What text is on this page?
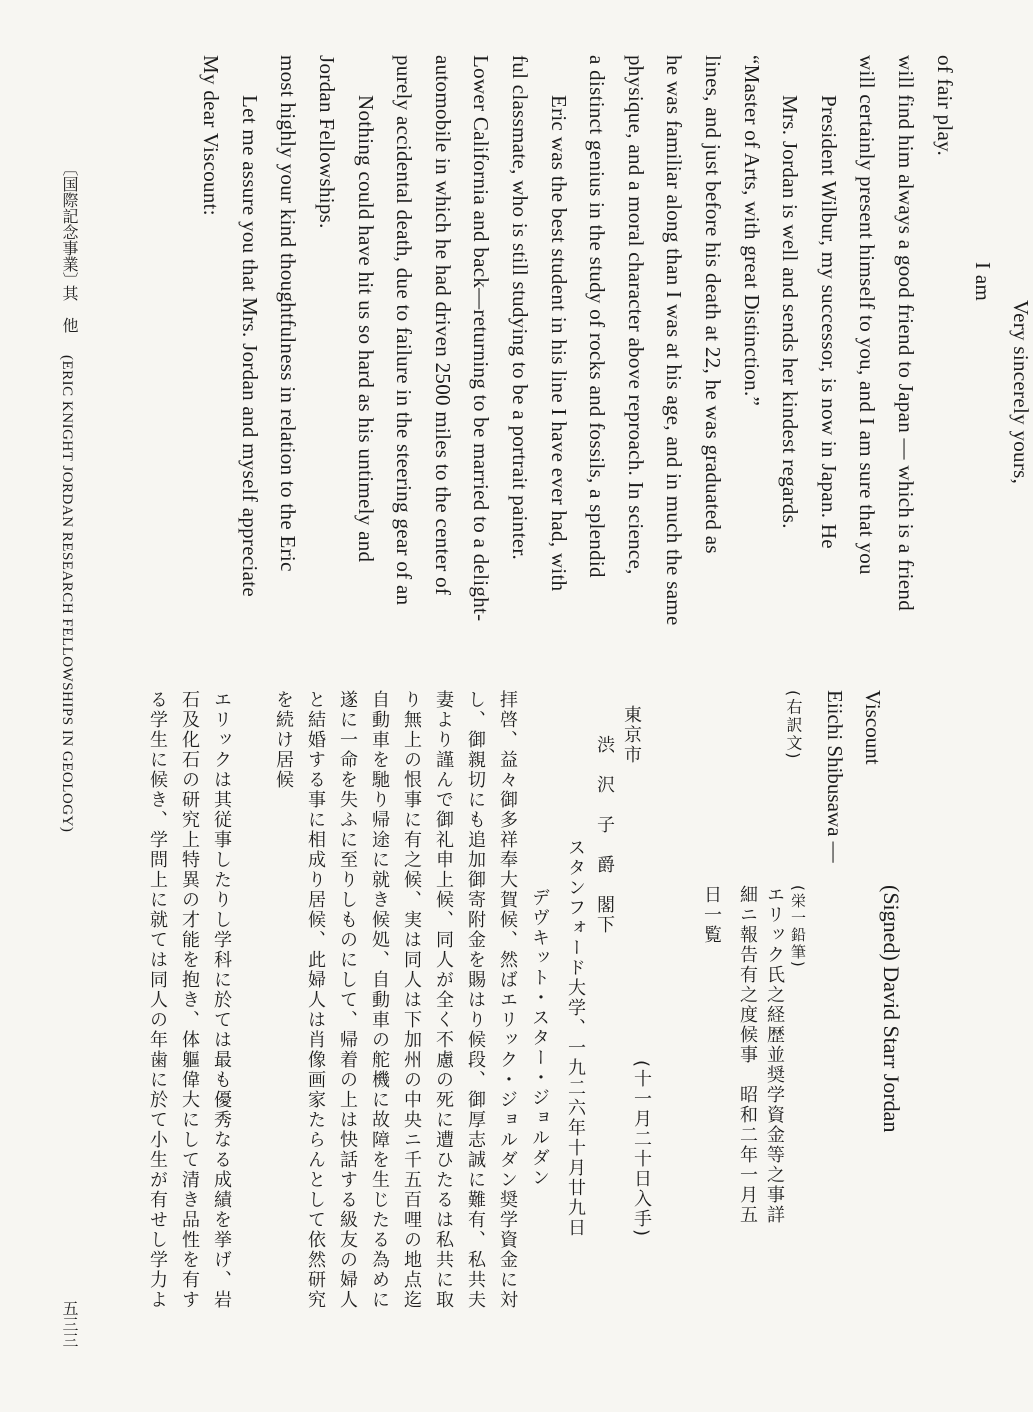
My dear Viscount: Let me assure you that Mrs. Jordan and myself appreciate most highly your kind thoughtfulness in relation to the Eric Jordan Fellowships. Nothing could have hit us so hard as his untimely and purely accidental death, due to failure in the steering gear of an automobile in which he had driven 2500 miles to the center of Lower California and back—returning to be married to a delight- ful classmate, who is still studying to be a portrait painter. Eric was the best student in his line I have ever had, with a distinct genius in the study of rocks and fossils, a splendid physique, and a moral character above reproach. In science, he was familiar along than I was at his age, and in much the same lines, and just before his death at 22, he was graduated as “Master of Arts, with great Distinction.” Mrs. Jordan is well and sends her kindest regards. President Wilbur, my successor, is now in Japan. He will certainly present himself to you, and I am sure that you will find him always a good friend to Japan — which is a friend of fair play.
I am
Very sincerely yours,
(Signed) David Starr Jordan
Viscount
Eiichi Shibusawa —
(右訳文)
(栄一鉛筆)
エリック氏之経歴並奨学資金等之事詳
細ニ報告有之度候事　昭和二年一月五
日一覧
(十一月二十日入手)
東京市
渋　沢　子　爵　閣下
スタンフォード大学、一九二六年十月廿九日
デヴキット・スター・ジョルダン
拝啓、益々御多祥奉大賀候、然ばエリック・ジョルダン奨学資金に対
し、御親切にも追加御寄附金を賜はり候段、御厚志誠に難有、私共夫
妻より謹んで御礼申上候、同人が全く不慮の死に遭ひたるは私共に取
り無上の恨事に有之候、実は同人は下加州の中央ニ千五百哩の地点迄
自動車を馳り帰途に就き候処、自動車の舵機に故障を生じたる為めに
遂に一命を失ふに至りしものにして、帰着の上は快話する級友の婦人
と結婚する事に相成り居候、此婦人は肖像画家たらんとして依然研究
を続け居候
エリックは其従事したりし学科に於ては最も優秀なる成績を挙げ、岩
石及化石の研究上特異の才能を抱き、体軀偉大にして清き品性を有す
る学生に候き、学問上に就ては同人の年歯に於て小生が有せし学力よ
〔国際記念事業〕
其　他
(ERIC KNIGHT JORDAN RESEARCH FELLOWSHIPS IN GEOLOGY)
五三三
